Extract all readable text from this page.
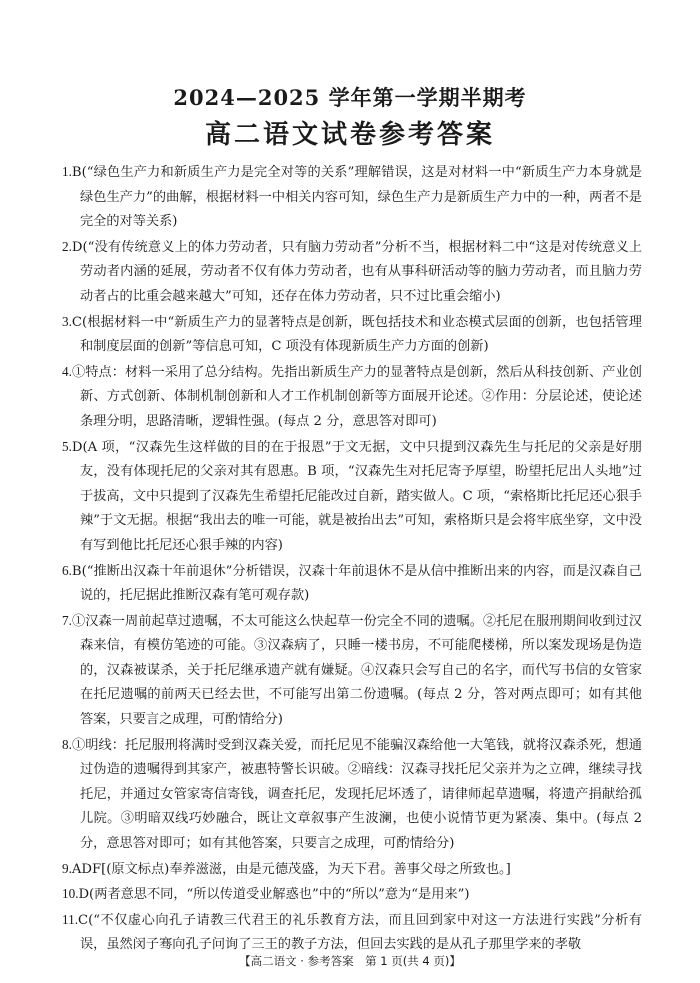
2024—2025 学年第一学期半期考
高二语文试卷参考答案

1.B(“绿色生产力和新质生产力是完全对等的关系”理解错误，这是对材料一中“新质生产力本身就是绿色生产力”的曲解，根据材料一中相关内容可知，绿色生产力是新质生产力中的一种，两者不是完全的对等关系)

2.D(“没有传统意义上的体力劳动者，只有脑力劳动者”分析不当，根据材料二中“这是对传统意义上劳动者内涵的延展，劳动者不仅有体力劳动者，也有从事科研活动等的脑力劳动者，而且脑力劳动者占的比重会越来越大”可知，还存在体力劳动者，只不过比重会缩小)

3.C(根据材料一中“新质生产力的显著特点是创新，既包括技术和业态模式层面的创新，也包括管理和制度层面的创新”等信息可知，C 项没有体现新质生产力方面的创新)

4.①特点：材料一采用了总分结构。先指出新质生产力的显著特点是创新，然后从科技创新、产业创新、方式创新、体制机制创新和人才工作机制创新等方面展开论述。②作用：分层论述，使论述条理分明，思路清晰，逻辑性强。(每点 2 分，意思答对即可)

5.D(A 项，“汉森先生这样做的目的在于报恩”于文无据，文中只提到汉森先生与托尼的父亲是好朋友，没有体现托尼的父亲对其有恩惠。B 项，“汉森先生对托尼寄予厚望，盼望托尼出人头地”过于拔高，文中只提到了汉森先生希望托尼能改过自新，踏实做人。C 项，“索格斯比托尼还心狠手辣”于文无据。根据“我出去的唯一可能，就是被抬出去”可知，索格斯只是会将牢底坐穿，文中没有写到他比托尼还心狠手辣的内容)

6.B(“推断出汉森十年前退休”分析错误，汉森十年前退休不是从信中推断出来的内容，而是汉森自己说的，托尼据此推断汉森有笔可观存款)

7.①汉森一周前起草过遗嘱，不太可能这么快起草一份完全不同的遗嘱。②托尼在服刑期间收到过汉森来信，有模仿笔迹的可能。③汉森病了，只睡一楼书房，不可能爬楼梯，所以案发现场是伪造的，汉森被谋杀，关于托尼继承遗产就有嫌疑。④汉森只会写自己的名字，而代写书信的女管家在托尼遗嘱的前两天已经去世，不可能写出第二份遗嘱。(每点 2 分，答对两点即可；如有其他答案，只要言之成理，可酌情给分)

8.①明线：托尼服刑将满时受到汉森关爱，而托尼见不能骗汉森给他一大笔钱，就将汉森杀死，想通过伪造的遗嘱得到其家产，被惠特警长识破。②暗线：汉森寻找托尼父亲并为之立碑，继续寻找托尼，并通过女管家寄信寄钱，调查托尼，发现托尼坏透了，请律师起草遗嘱，将遗产捐献给孤儿院。③明暗双线巧妙融合，既让文章叙事产生波澜，也使小说情节更为紧凑、集中。(每点 2 分，意思答对即可；如有其他答案，只要言之成理，可酌情给分)

9.ADF[(原文标点)奉养滋滋，由是元德茂盛，为天下君。善事父母之所致也。]

10.D(两者意思不同，“所以传道受业解惑也”中的“所以”意为“是用来”)

11.C(“不仅虚心向孔子请教三代君王的礼乐教育方法，而且回到家中对这一方法进行实践”分析有误，虽然闵子骞向孔子问询了三王的教子方法，但回去实践的是从孔子那里学来的孝敬

【高二语文 · 参考答案　第 1 页(共 4 页)】
